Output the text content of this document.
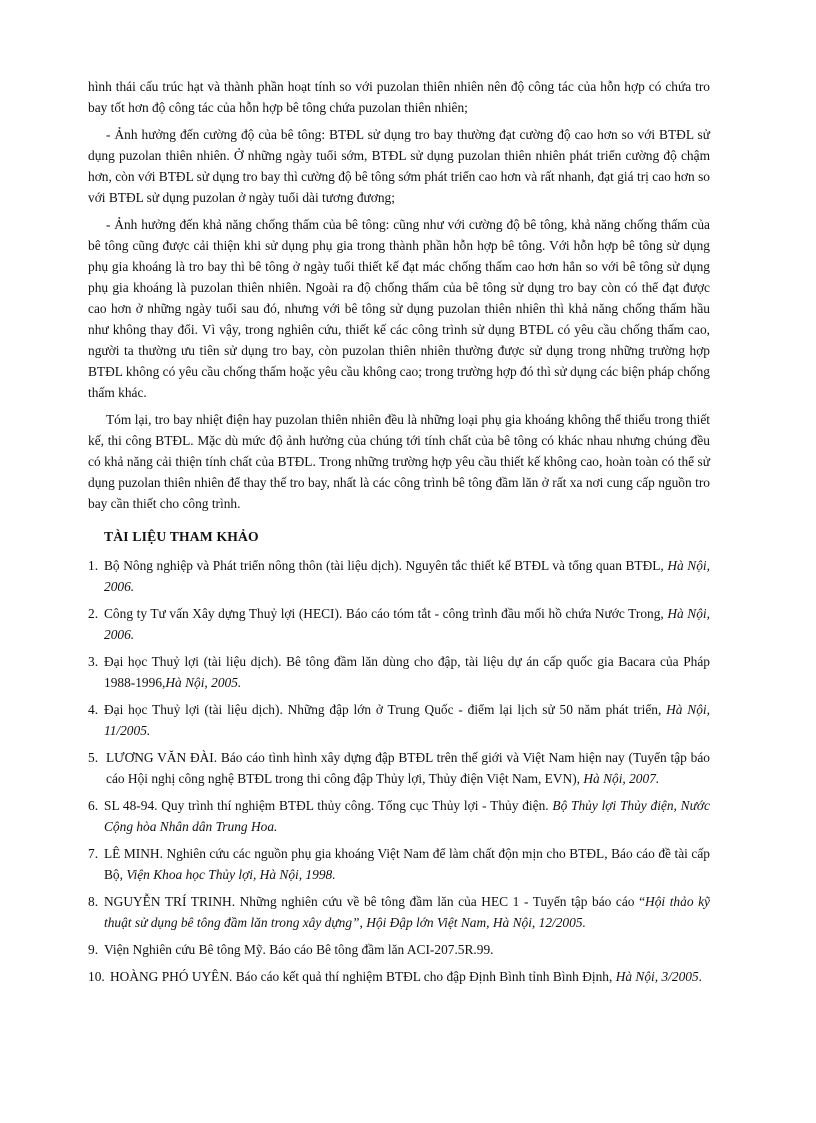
hình thái cấu trúc hạt và thành phần hoạt tính so với puzolan thiên nhiên nên độ công tác của hỗn hợp có chứa tro bay tốt hơn độ công tác của hỗn hợp bê tông chứa puzolan thiên nhiên;

- Ảnh hưởng đến cường độ của bê tông: BTĐL sử dụng tro bay thường đạt cường độ cao hơn so với BTĐL sử dụng puzolan thiên nhiên. Ở những ngày tuổi sớm, BTĐL sử dụng puzolan thiên nhiên phát triển cường độ chậm hơn, còn với BTĐL sử dụng tro bay thì cường độ bê tông sớm phát triển cao hơn và rất nhanh, đạt giá trị cao hơn so với BTĐL sử dụng puzolan ở ngày tuổi dài tương đương;

- Ảnh hưởng đến khả năng chống thấm của bê tông: cũng như với cường độ bê tông, khả năng chống thấm của bê tông cũng được cải thiện khi sử dụng phụ gia trong thành phần hỗn hợp bê tông. Với hỗn hợp bê tông sử dụng phụ gia khoáng là tro bay thì bê tông ở ngày tuổi thiết kế đạt mác chống thấm cao hơn hẳn so với bê tông sử dụng phụ gia khoáng là puzolan thiên nhiên. Ngoài ra độ chống thấm của bê tông sử dụng tro bay còn có thể đạt được cao hơn ở những ngày tuổi sau đó, nhưng với bê tông sử dụng puzolan thiên nhiên thì khả năng chống thấm hầu như không thay đổi. Vì vậy, trong nghiên cứu, thiết kế các công trình sử dụng BTĐL có yêu cầu chống thấm cao, người ta thường ưu tiên sử dụng tro bay, còn puzolan thiên nhiên thường được sử dụng trong những trường hợp BTĐL không có yêu cầu chống thấm hoặc yêu cầu không cao; trong trường hợp đó thì sử dụng các biện pháp chống thấm khác.

Tóm lại, tro bay nhiệt điện hay puzolan thiên nhiên đều là những loại phụ gia khoáng không thể thiếu trong thiết kế, thi công BTĐL. Mặc dù mức độ ảnh hưởng của chúng tới tính chất của bê tông có khác nhau nhưng chúng đều có khả năng cải thiện tính chất của BTĐL. Trong những trường hợp yêu cầu thiết kế không cao, hoàn toàn có thể sử dụng puzolan thiên nhiên để thay thế tro bay, nhất là các công trình bê tông đầm lăn ở rất xa nơi cung cấp nguồn tro bay cần thiết cho công trình.

TÀI LIỆU THAM KHẢO
1. Bộ Nông nghiệp và Phát triển nông thôn (tài liệu dịch). Nguyên tắc thiết kế BTĐL và tổng quan BTĐL, Hà Nội, 2006.
2. Công ty Tư vấn Xây dựng Thuỷ lợi (HECI). Báo cáo tóm tắt - công trình đầu mối hồ chứa Nước Trong, Hà Nội, 2006.
3. Đại học Thuỷ lợi (tài liệu dịch). Bê tông đầm lăn dùng cho đập, tài liệu dự án cấp quốc gia Bacara của Pháp 1988-1996,Hà Nội, 2005.
4. Đại học Thuỷ lợi (tài liệu dịch). Những đập lớn ở Trung Quốc - điểm lại lịch sử 50 năm phát triển, Hà Nội, 11/2005.
5. LƯƠNG VĂN ĐÀI. Báo cáo tình hình xây dựng đập BTĐL trên thế giới và Việt Nam hiện nay (Tuyển tập báo cáo Hội nghị công nghệ BTĐL trong thi công đập Thủy lợi, Thủy điện Việt Nam, EVN), Hà Nội, 2007.
6. SL 48-94. Quy trình thí nghiệm BTĐL thủy công. Tổng cục Thủy lợi - Thủy điện. Bộ Thủy lợi Thủy điện, Nước Cộng hòa Nhân dân Trung Hoa.
7. LÊ MINH. Nghiên cứu các nguồn phụ gia khoáng Việt Nam để làm chất độn mịn cho BTĐL, Báo cáo đề tài cấp Bộ, Viện Khoa học Thủy lợi, Hà Nội, 1998.
8. NGUYỄN TRÍ TRINH. Những nghiên cứu về bê tông đầm lăn của HEC 1 - Tuyển tập báo cáo “Hội thảo kỹ thuật sử dụng bê tông đầm lăn trong xây dựng”, Hội Đập lớn Việt Nam, Hà Nội, 12/2005.
9. Viện Nghiên cứu Bê tông Mỹ. Báo cáo Bê tông đầm lăn ACI-207.5R.99.
10. HOÀNG PHÓ UYÊN. Báo cáo kết quả thí nghiệm BTĐL cho đập Định Bình tỉnh Bình Định, Hà Nội, 3/2005.
